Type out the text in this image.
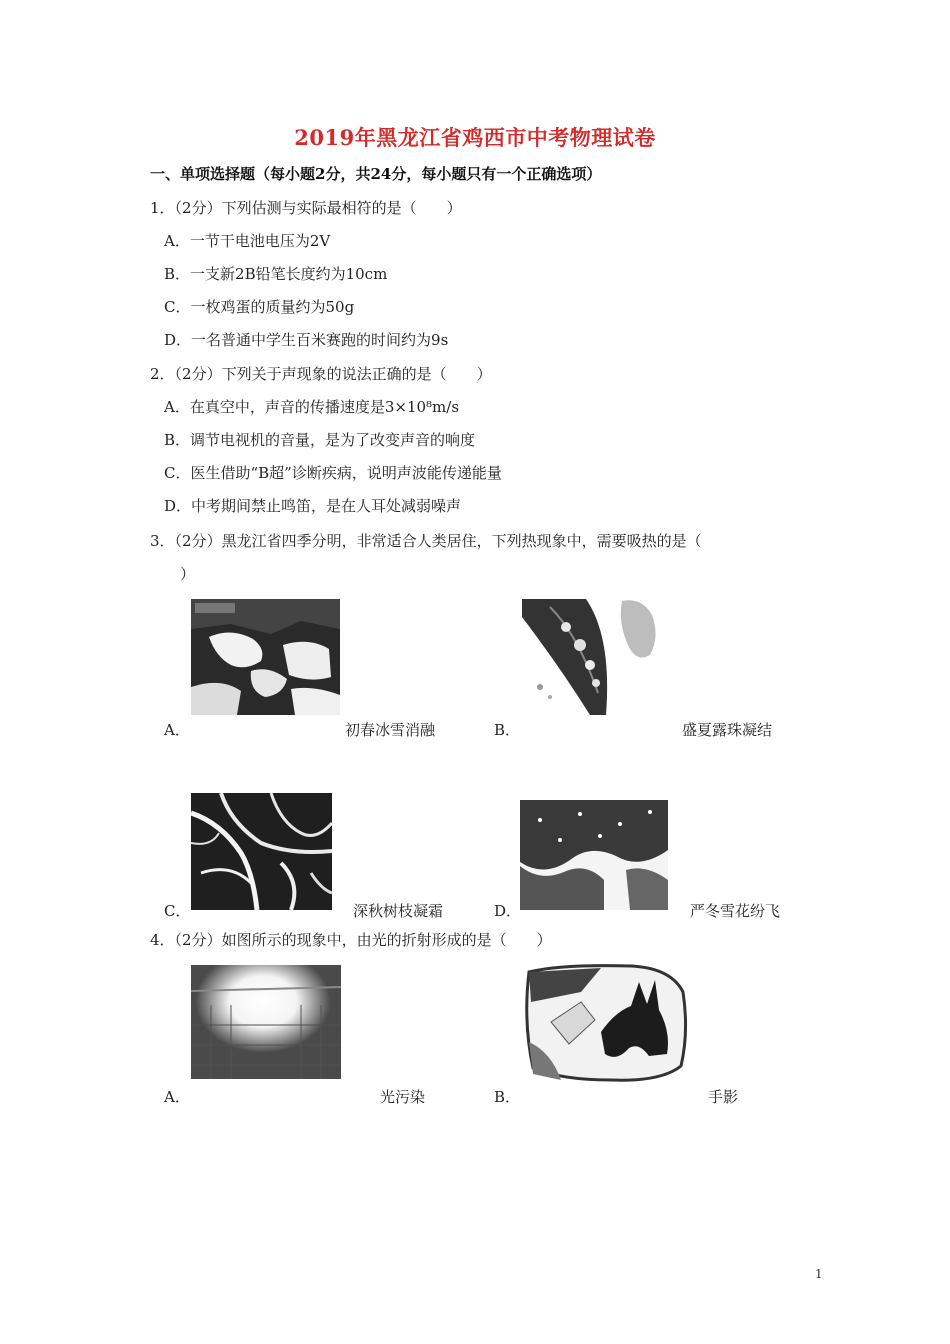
2019年黑龙江省鸡西市中考物理试卷
一、单项选择题（每小题2分，共24分，每小题只有一个正确选项）
1．（2分）下列估测与实际最相符的是（　　）
A．一节干电池电压为2V
B．一支新2B铅笔长度约为10cm
C．一枚鸡蛋的质量约为50g
D．一名普通中学生百米赛跑的时间约为9s
2．（2分）下列关于声现象的说法正确的是（　　）
A．在真空中，声音的传播速度是3×10⁸m/s
B．调节电视机的音量，是为了改变声音的响度
C．医生借助“B超”诊断疾病，说明声波能传递能量
D．中考期间禁止鸣笛，是在人耳处减弱噪声
3．（2分）黑龙江省四季分明，非常适合人类居住，下列热现象中，需要吸热的是（
）
A．	初春冰雪消融	B．	盛夏露珠凝结
C．	深秋树枝凝霜	D．	严冬雪花纷飞
4．（2分）如图所示的现象中，由光的折射形成的是（　　）
A．	光污染	B．	手影
1
